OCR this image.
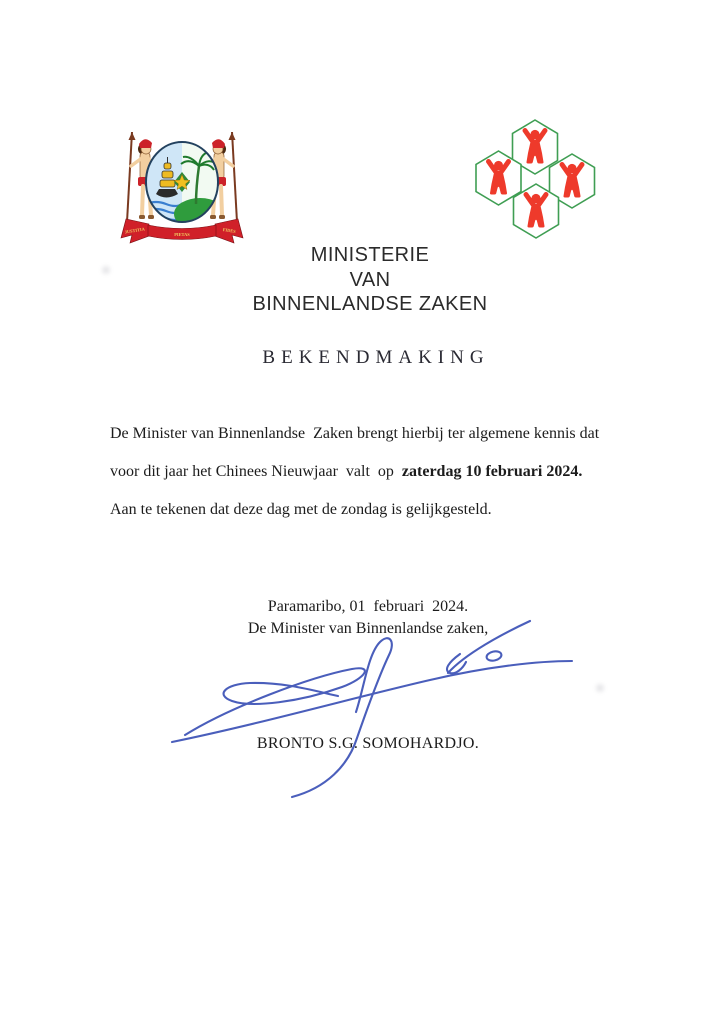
JUSTITIA	PIETAS
FIDES
MINISTERIE
VAN
BINNENLANDSE ZAKEN
BEKENDMAKING

De Minister van Binnenlandse  Zaken brengt hierbij ter algemene kennis dat

voor dit jaar het Chinees Nieuwjaar  valt  op  zaterdag 10 februari 2024.

Aan te tekenen dat deze dag met de zondag is gelijkgesteld.

Paramaribo, 01  februari  2024.
De Minister van Binnenlandse zaken,
BRONTO S.G. SOMOHARDJO.
